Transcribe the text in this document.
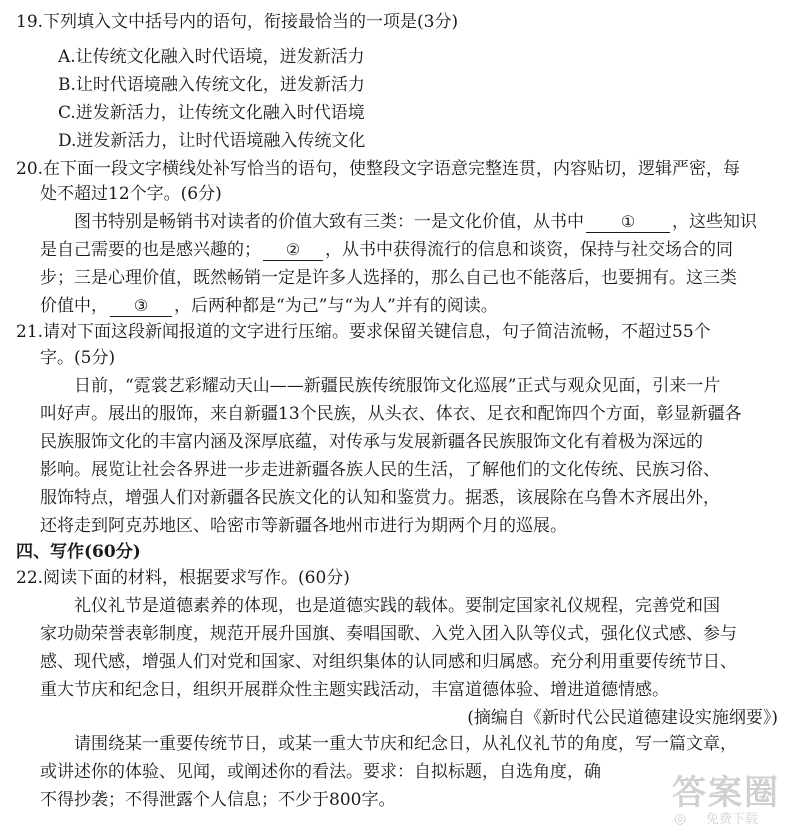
19.下列填入文中括号内的语句，衔接最恰当的一项是(3分)
A.让传统文化融入时代语境，迸发新活力
B.让时代语境融入传统文化，迸发新活力
C.迸发新活力，让传统文化融入时代语境
D.迸发新活力，让时代语境融入传统文化
20.在下面一段文字横线处补写恰当的语句，使整段文字语意完整连贯，内容贴切，逻辑严密，每
处不超过12个字。(6分)
图书特别是畅销书对读者的价值大致有三类：一是文化价值，从书中 ① ，这些知识
是自己需要的也是感兴趣的； ② ，从书中获得流行的信息和谈资，保持与社交场合的同
步；三是心理价值，既然畅销一定是许多人选择的，那么自己也不能落后，也要拥有。这三类
价值中， ③ ，后两种都是“为己”与“为人”并有的阅读。
21.请对下面这段新闻报道的文字进行压缩。要求保留关键信息，句子简洁流畅，不超过55个
字。(5分)
日前，“霓裳艺彩耀动天山——新疆民族传统服饰文化巡展”正式与观众见面，引来一片
叫好声。展出的服饰，来自新疆13个民族，从头衣、体衣、足衣和配饰四个方面，彰显新疆各
民族服饰文化的丰富内涵及深厚底蕴，对传承与发展新疆各民族服饰文化有着极为深远的
影响。展览让社会各界进一步走进新疆各族人民的生活，了解他们的文化传统、民族习俗、
服饰特点，增强人们对新疆各民族文化的认知和鉴赏力。据悉，该展除在乌鲁木齐展出外，
还将走到阿克苏地区、哈密市等新疆各地州市进行为期两个月的巡展。
四、写作(60分)
22.阅读下面的材料，根据要求写作。(60分)
礼仪礼节是道德素养的体现，也是道德实践的载体。要制定国家礼仪规程，完善党和国
家功勋荣誉表彰制度，规范开展升国旗、奏唱国歌、入党入团入队等仪式，强化仪式感、参与
感、现代感，增强人们对党和国家、对组织集体的认同感和归属感。充分利用重要传统节日、
重大节庆和纪念日，组织开展群众性主题实践活动，丰富道德体验、增进道德情感。
(摘编自《新时代公民道德建设实施纲要》)
请围绕某一重要传统节日，或某一重大节庆和纪念日，从礼仪礼节的角度，写一篇文章，
或讲述你的体验、见闻，或阐述你的看法。要求：自拟标题，自选角度，确
不得抄袭；不得泄露个人信息；不少于800字。	答案圈
◎ 免费下载
